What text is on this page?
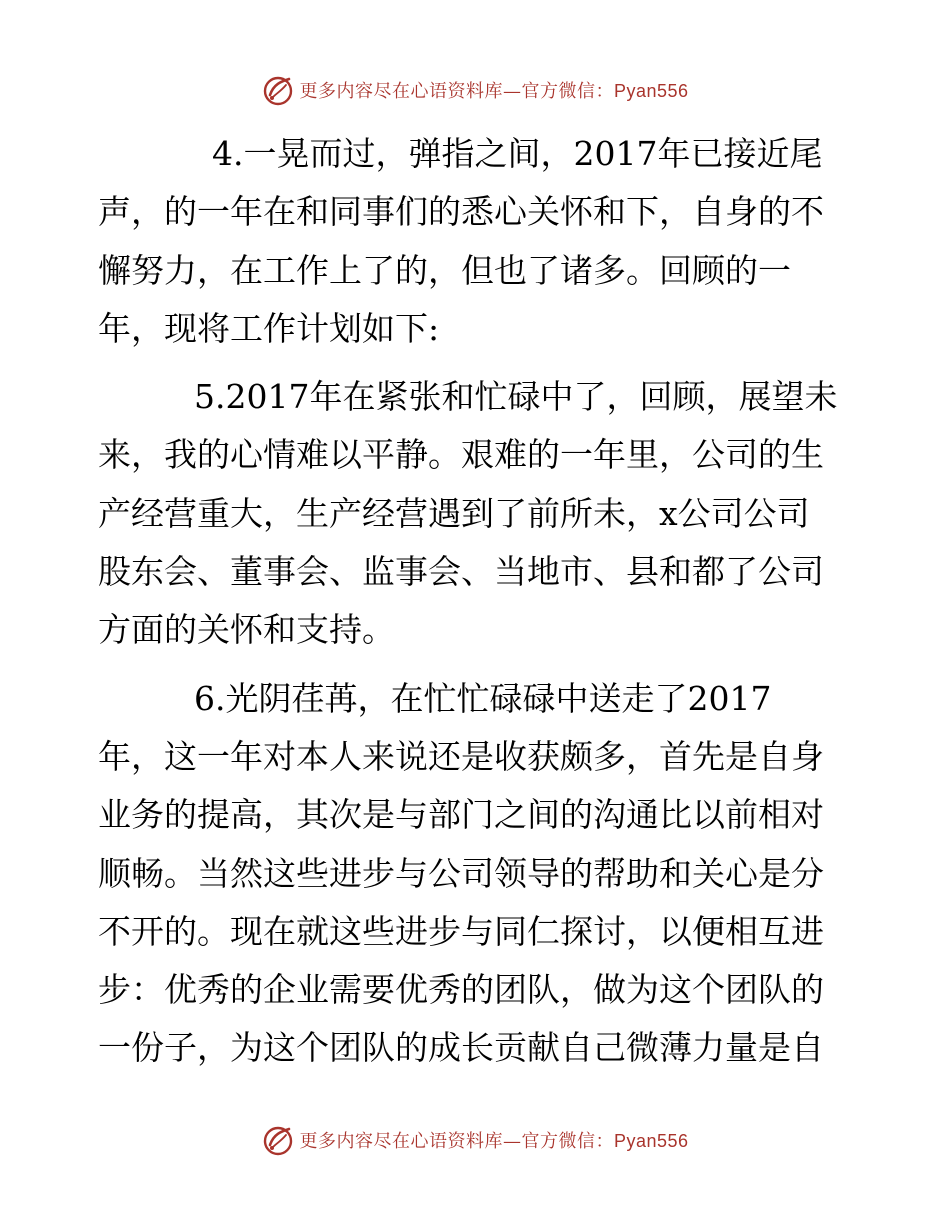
更多内容尽在心语资料库—官方微信：Pyan556
4.一晃而过，弹指之间，2017年已接近尾
声，的一年在和同事们的悉心关怀和下，自身的不
懈努力，在工作上了的，但也了诸多。回顾的一
年，现将工作计划如下:
5.2017年在紧张和忙碌中了，回顾，展望未
来，我的心情难以平静。艰难的一年里，公司的生
产经营重大，生产经营遇到了前所未，x公司公司
股东会、董事会、监事会、当地市、县和都了公司
方面的关怀和支持。
6.光阴荏苒，在忙忙碌碌中送走了2017
年，这一年对本人来说还是收获颇多，首先是自身
业务的提高，其次是与部门之间的沟通比以前相对
顺畅。当然这些进步与公司领导的帮助和关心是分
不开的。现在就这些进步与同仁探讨，以便相互进
步：优秀的企业需要优秀的团队，做为这个团队的
一份子，为这个团队的成长贡献自己微薄力量是自
更多内容尽在心语资料库—官方微信：Pyan556
